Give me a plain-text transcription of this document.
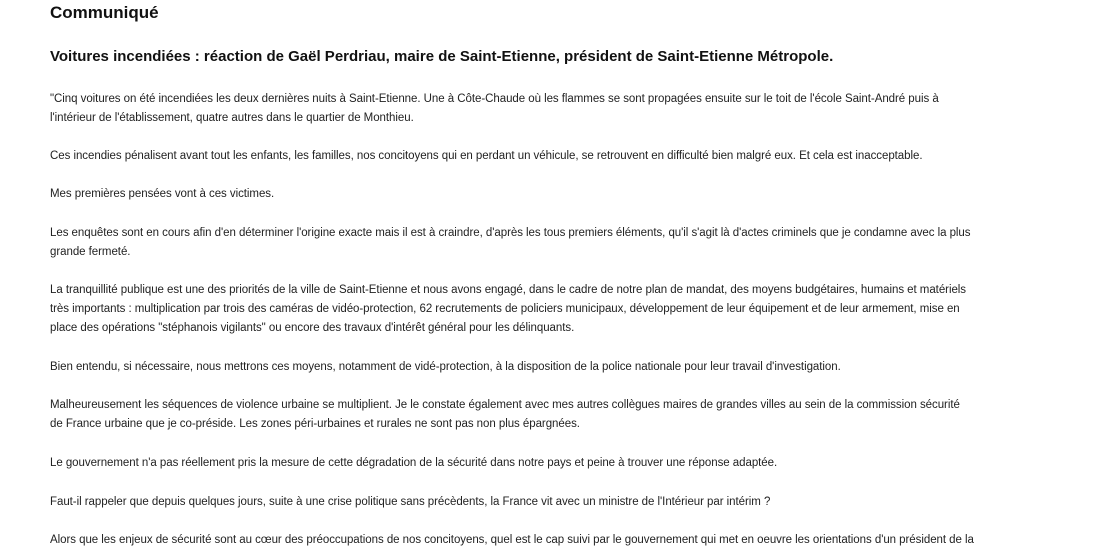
Communiqué
Voitures incendiées : réaction de Gaël Perdriau, maire de Saint-Etienne, président de Saint-Etienne Métropole.

"Cinq voitures on été incendiées les deux dernières nuits à Saint-Etienne. Une à Côte-Chaude où les flammes se sont propagées ensuite sur le toit de l'école Saint-André puis à
l'intérieur de l'établissement, quatre autres dans le quartier de Monthieu.

Ces incendies pénalisent avant tout les enfants, les familles, nos concitoyens qui en perdant un véhicule, se retrouvent en difficulté bien malgré eux. Et cela est inacceptable.

Mes premières pensées vont à ces victimes.

Les enquêtes sont en cours afin d'en déterminer l'origine exacte mais il est à craindre, d'après les tous premiers éléments, qu'il s'agit là d'actes criminels que je condamne avec la plus
grande fermeté.

La tranquillité publique est une des priorités de la ville de Saint-Etienne et nous avons engagé, dans le cadre de notre plan de mandat, des moyens budgétaires, humains et matériels
très importants : multiplication par trois des caméras de vidéo-protection, 62 recrutements de policiers municipaux, développement de leur équipement et de leur armement, mise en
place des opérations "stéphanois vigilants" ou encore des travaux d'intérêt général pour les délinquants.

Bien entendu, si nécessaire, nous mettrons ces moyens, notamment de vidé-protection, à la disposition de la police nationale pour leur travail d'investigation.

Malheureusement les séquences de violence urbaine se multiplient. Je le constate également avec mes autres collègues maires de grandes villes au sein de la commission sécurité
de France urbaine que je co-préside. Les zones péri-urbaines et rurales ne sont pas non plus épargnées.

Le gouvernement n'a pas réellement pris la mesure de cette dégradation de la sécurité dans notre pays et peine à trouver une réponse adaptée.

Faut-il rappeler que depuis quelques jours, suite à une crise politique sans précèdents, la France vit avec un ministre de l'Intérieur par intérim ?

Alors que les enjeux de sécurité sont au cœur des préoccupations de nos concitoyens, quel est le cap suivi par le gouvernement qui met en oeuvre les orientations d'un président de la
